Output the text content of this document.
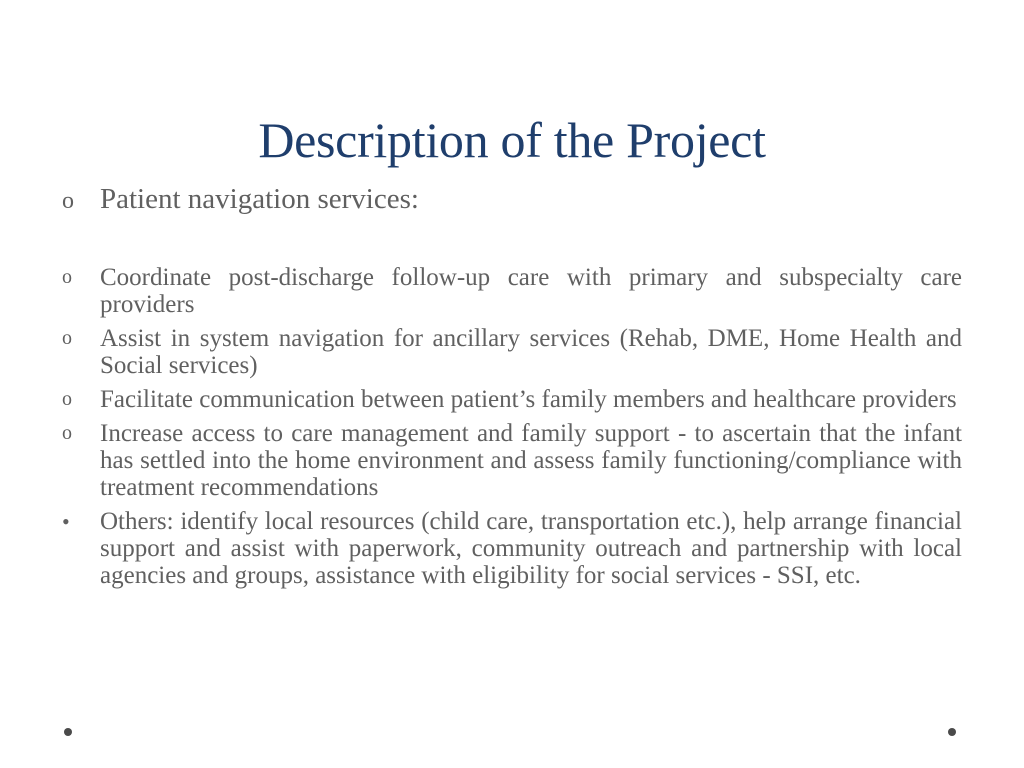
Description of the Project
o Patient navigation services:
o	Coordinate post-discharge follow-up care with primary and subspecialty care providers
o	Assist in system navigation for ancillary services (Rehab, DME, Home Health and Social services)
o	Facilitate communication between patient’s family members and healthcare providers
o	Increase access to care management and family support - to ascertain that the infant has settled into the home environment and assess family functioning/compliance with treatment recommendations
•	Others: identify local resources (child care, transportation etc.), help arrange financial support and assist with paperwork, community outreach and partnership with local agencies and groups, assistance with eligibility for social services - SSI, etc.
